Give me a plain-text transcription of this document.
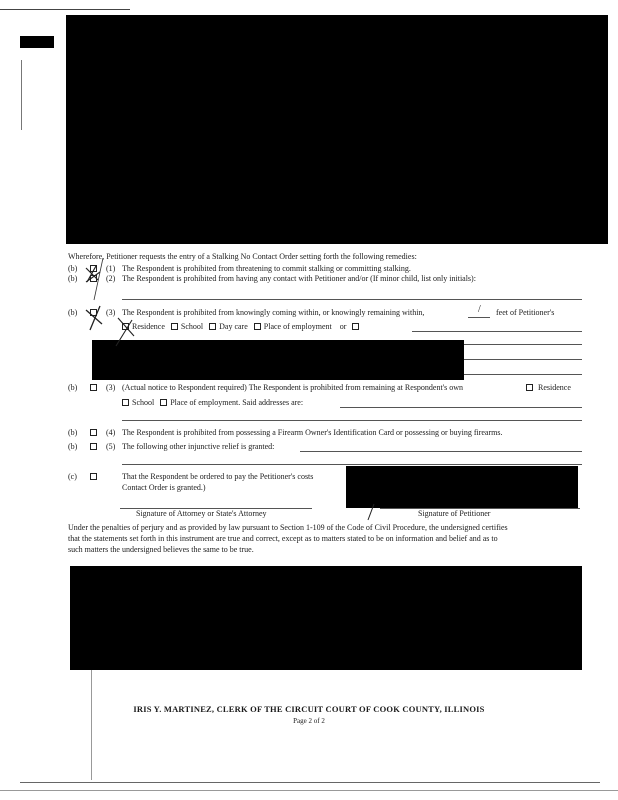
Wherefore, Petitioner requests the entry of a Stalking No Contact Order setting forth the following remedies:
(b)	(1) The Respondent is prohibited from threatening to commit stalking or committing stalking.
(b)	(2) The Respondent is prohibited from having any contact with Petitioner and/or (If minor child, list only initials):
(b)	(3) The Respondent is prohibited from knowingly coming within, or knowingly remaining within,	/ feet of Petitioner's
Residence School Day care Place of employment or
(b)	(3) (Actual notice to Respondent required) The Respondent is prohibited from remaining at Respondent's own	Residence
School Place of employment. Said addresses are:
(b)	(4) The Respondent is prohibited from possessing a Firearm Owner's Identification Card or possessing or buying firearms.
(b)	(5) The following other injunctive relief is granted:
(c)	That the Respondent be ordered to pay the Petitioner's costs
Contact Order is granted.)
Signature of Attorney or State's Attorney	Signature of Petitioner
Under the penalties of perjury and as provided by law pursuant to Section 1-109 of the Code of Civil Procedure, the undersigned certifies
that the statements set forth in this instrument are true and correct, except as to matters stated to be on information and belief and as to
such matters the undersigned believes the same to be true.
IRIS Y. MARTINEZ, CLERK OF THE CIRCUIT COURT OF COOK COUNTY, ILLINOIS
Page 2 of 2
